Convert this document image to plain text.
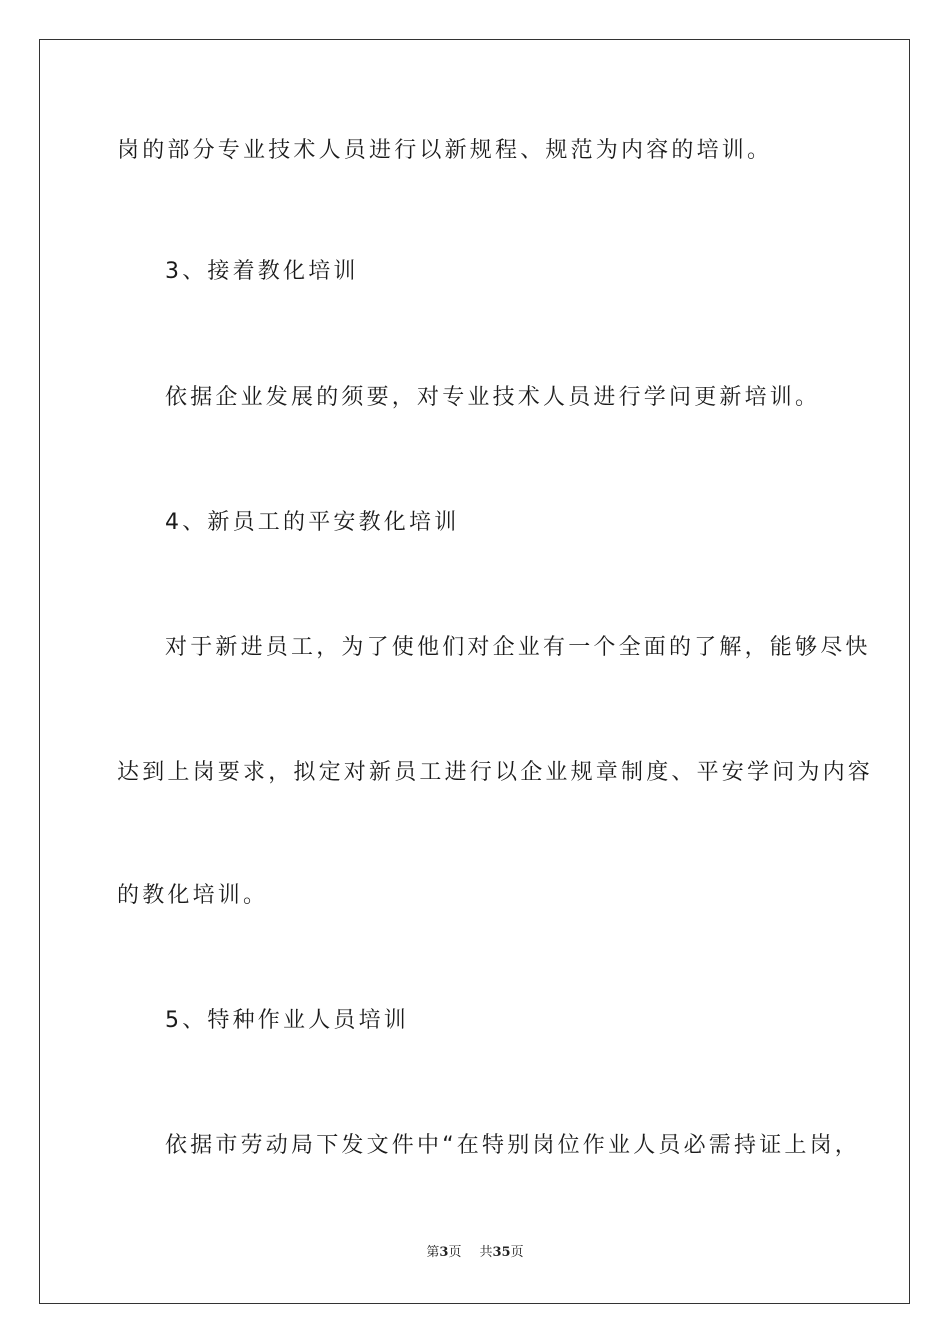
岗的部分专业技术人员进行以新规程、规范为内容的培训。
3、接着教化培训
依据企业发展的须要，对专业技术人员进行学问更新培训。
4、新员工的平安教化培训
对于新进员工，为了使他们对企业有一个全面的了解，能够尽快
达到上岗要求，拟定对新员工进行以企业规章制度、平安学问为内容
的教化培训。
5、特种作业人员培训
依据市劳动局下发文件中“在特别岗位作业人员必需持证上岗，
第3页 共35页
